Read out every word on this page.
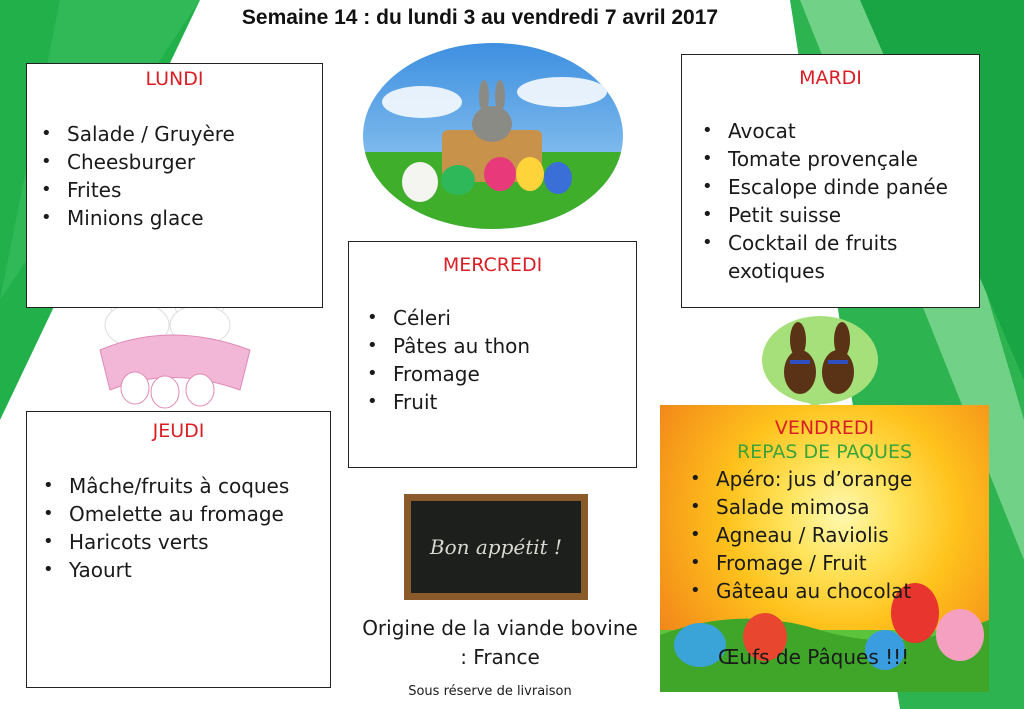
Semaine 14 : du lundi 3 au vendredi 7 avril 2017
LUNDI
• Salade / Gruyère
• Cheesburger
• Frites
• Minions glace
MARDI
• Avocat
• Tomate provençale
• Escalope dinde panée
• Petit suisse
• Cocktail de fruits exotiques
MERCREDI
• Céleri
• Pâtes au thon
• Fromage
• Fruit
JEUDI
• Mâche/fruits à coques
• Omelette au fromage
• Haricots verts
• Yaourt
VENDREDI
REPAS DE PAQUES
• Apéro: jus d’orange
• Salade mimosa
• Agneau / Raviolis
• Fromage / Fruit
• Gâteau au chocolat
Œufs de Pâques !!!
Bon appétit !
Origine de la viande bovine : France
Sous réserve de livraison
